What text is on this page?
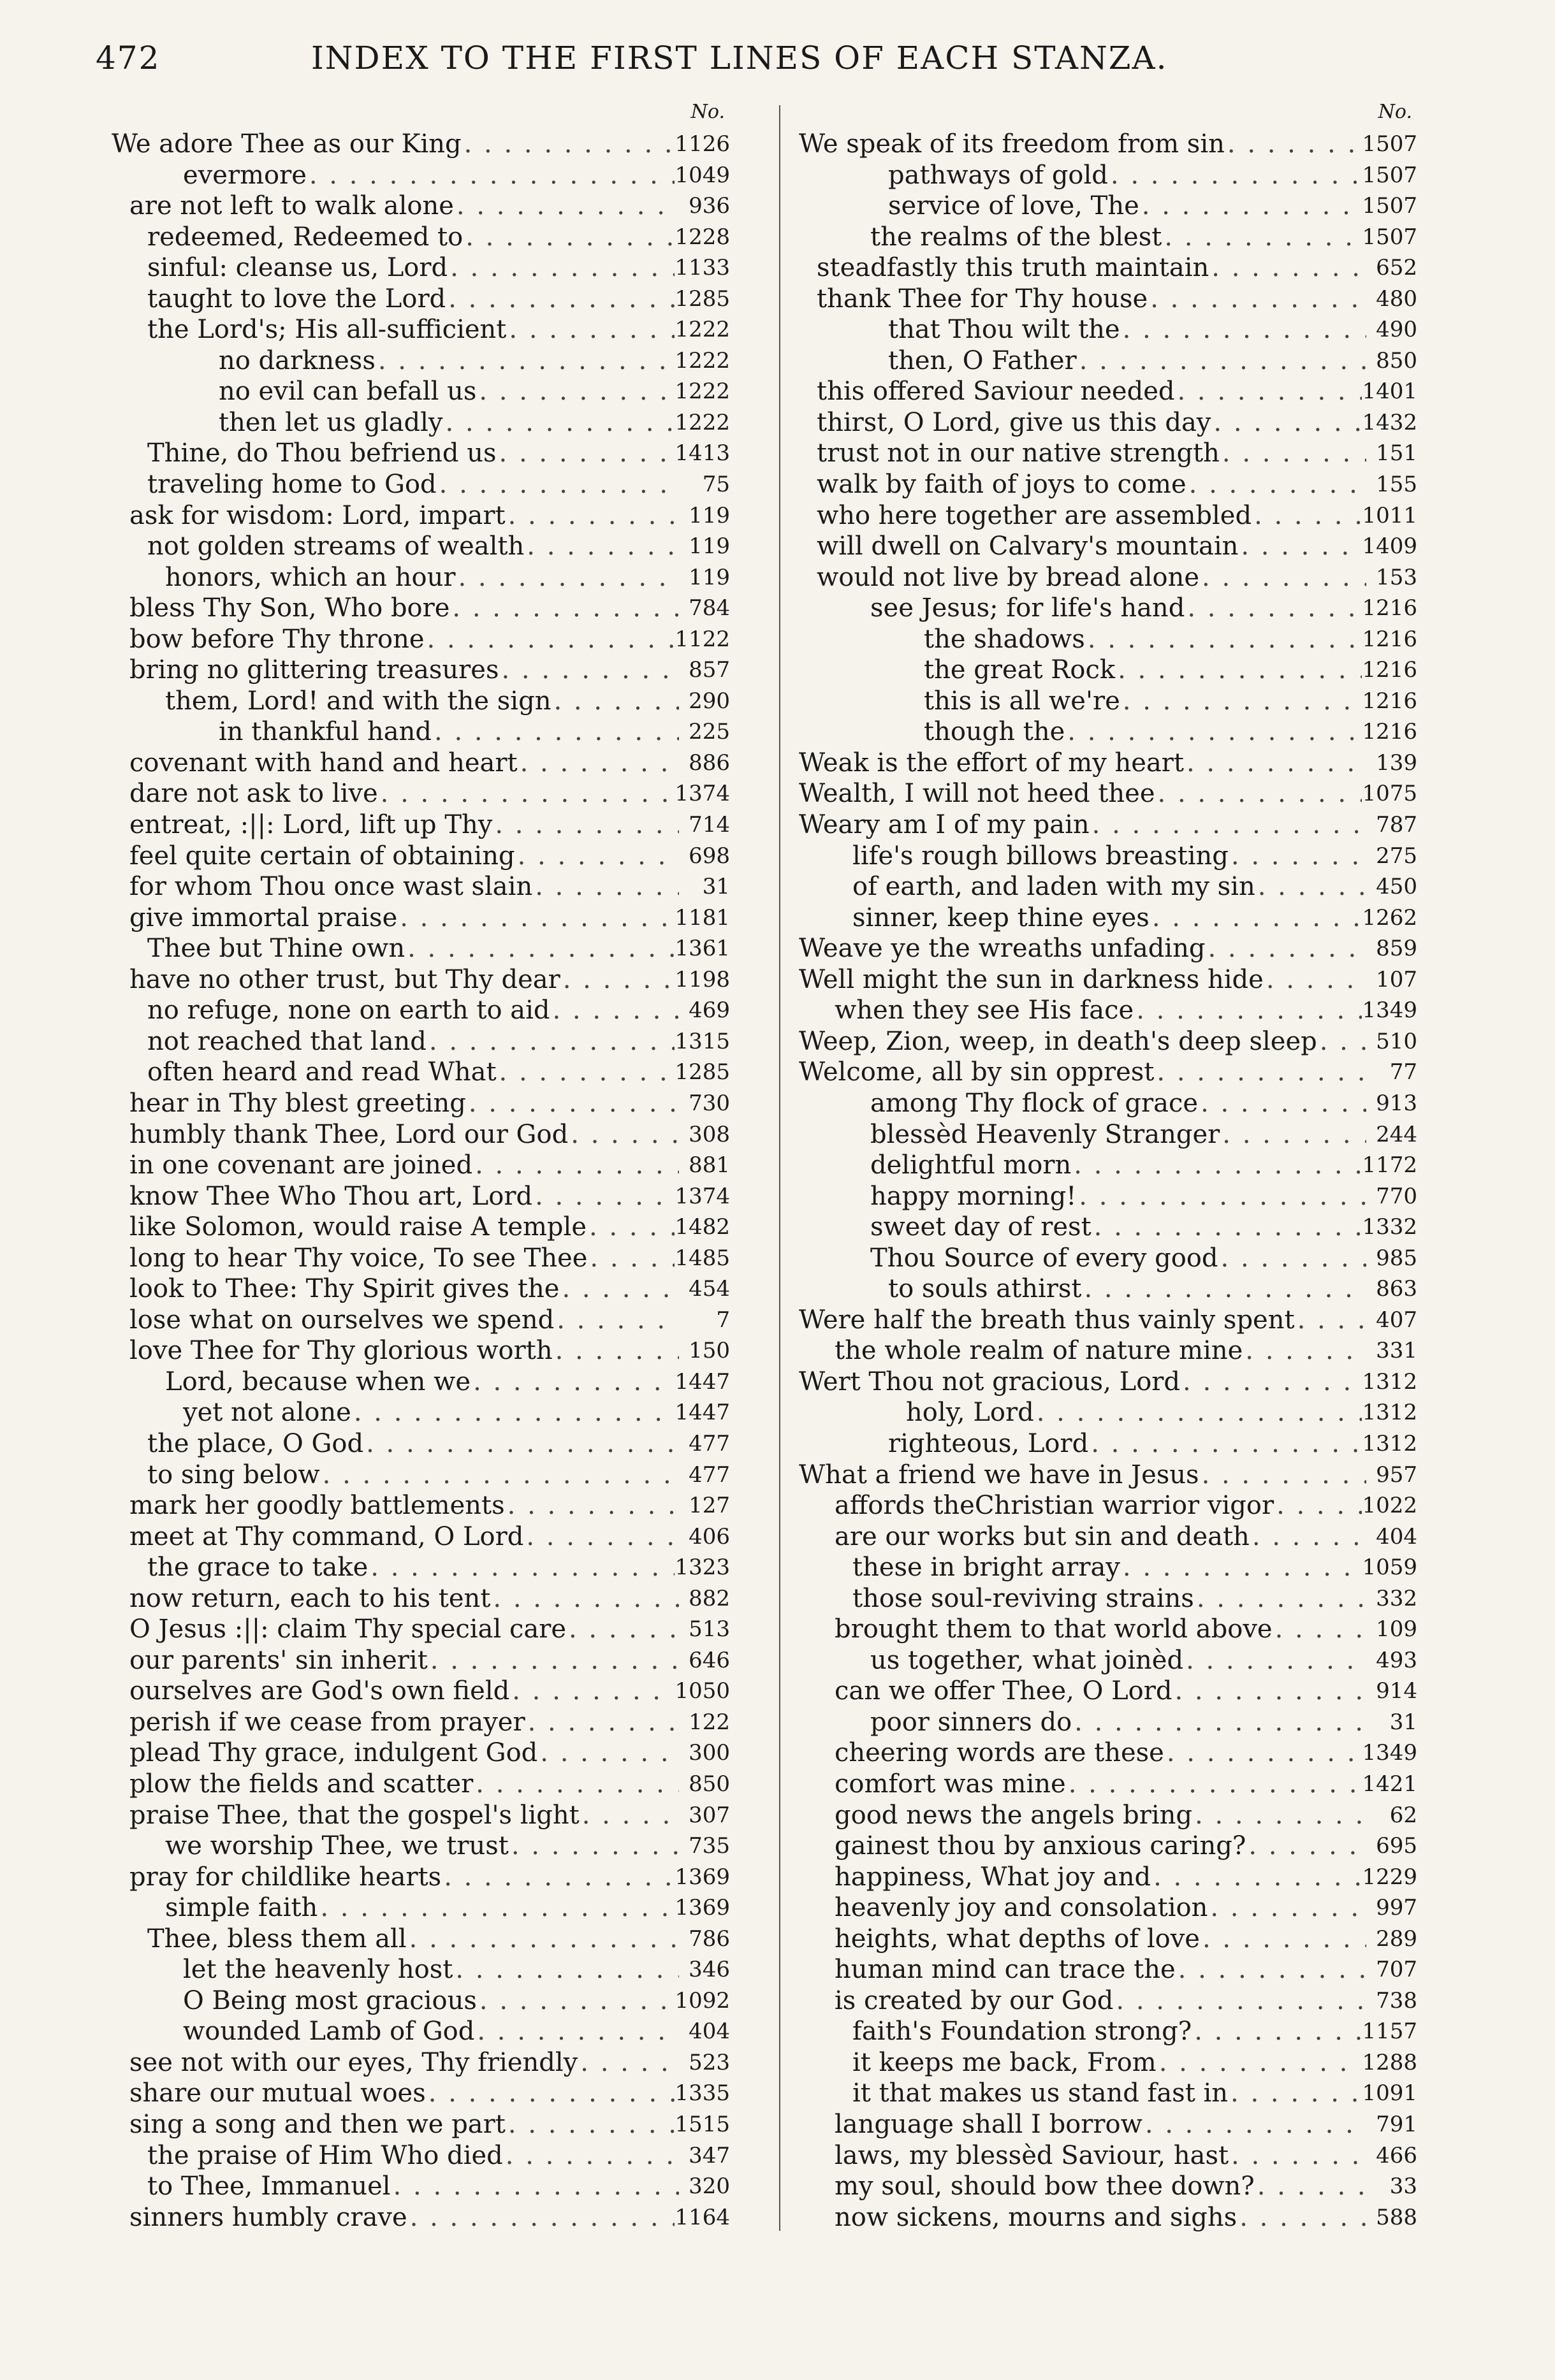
472	INDEX TO THE FIRST LINES OF EACH STANZA.
No.
We adore Thee as our King . . .	1126
evermore . . .	1049
are not left to walk alone . . .	936
redeemed, Redeemed to . . .	1228
sinful: cleanse us, Lord . . .	1133
taught to love the Lord . . .	1285
the Lord's; His all-sufficient . . .	1222
no darkness . . .	1222
no evil can befall us . . .	1222
then let us gladly . . .	1222
Thine, do Thou befriend us . . .	1413
traveling home to God . . .	75
ask for wisdom: Lord, impart . . .	119
not golden streams of wealth . . .	119
honors, which an hour . . .	119
bless Thy Son, Who bore . . .	784
bow before Thy throne . . .	1122
bring no glittering treasures . . .	857
them, Lord! and with the sign . . .	290
in thankful hand . . .	225
covenant with hand and heart . . .	886
dare not ask to live . . .	1374
entreat, :||: Lord, lift up Thy . . .	714
feel quite certain of obtaining . . .	698
for whom Thou once wast slain . . .	31
give immortal praise . . .	1181
Thee but Thine own . . .	1361
have no other trust, but Thy dear . . .	1198
no refuge, none on earth to aid . . .	469
not reached that land . . .	1315
often heard and read What . . .	1285
hear in Thy blest greeting . . .	730
humbly thank Thee, Lord our God . . .	308
in one covenant are joined . . .	881
know Thee Who Thou art, Lord . . .	1374
like Solomon, would raise A temple . . .	1482
long to hear Thy voice, To see Thee . . .	1485
look to Thee: Thy Spirit gives the . . .	454
lose what on ourselves we spend . . .	7
love Thee for Thy glorious worth . . .	150
Lord, because when we . . .	1447
yet not alone . . .	1447
the place, O God . . .	477
to sing below . . .	477
mark her goodly battlements . . .	127
meet at Thy command, O Lord . . .	406
the grace to take . . .	1323
now return, each to his tent . . .	882
O Jesus :||: claim Thy special care . . .	513
our parents' sin inherit . . .	646
ourselves are God's own field . . .	1050
perish if we cease from prayer . . .	122
plead Thy grace, indulgent God . . .	300
plow the fields and scatter . . .	850
praise Thee, that the gospel's light . . .	307
we worship Thee, we trust . . .	735
pray for childlike hearts . . .	1369
simple faith . . .	1369
Thee, bless them all . . .	786
let the heavenly host . . .	346
O Being most gracious . . .	1092
wounded Lamb of God . . .	404
see not with our eyes, Thy friendly . . .	523
share our mutual woes . . .	1335
sing a song and then we part . . .	1515
the praise of Him Who died . . .	347
to Thee, Immanuel . . .	320
sinners humbly crave . . .	1164
No.
We speak of its freedom from sin . . .	1507
pathways of gold . . .	1507
service of love, The . . .	1507
the realms of the blest . . .	1507
steadfastly this truth maintain . . .	652
thank Thee for Thy house . . .	480
that Thou wilt the . . .	490
then, O Father . . .	850
this offered Saviour needed . . .	1401
thirst, O Lord, give us this day . . .	1432
trust not in our native strength . . .	151
walk by faith of joys to come . . .	155
who here together are assembled . . .	1011
will dwell on Calvary's mountain . . .	1409
would not live by bread alone . . .	153
see Jesus; for life's hand . . .	1216
the shadows . . .	1216
the great Rock . . .	1216
this is all we're . . .	1216
though the . . .	1216
Weak is the effort of my heart . . .	139
Wealth, I will not heed thee . . .	1075
Weary am I of my pain . . .	787
life's rough billows breasting . . .	275
of earth, and laden with my sin . . .	450
sinner, keep thine eyes . . .	1262
Weave ye the wreaths unfading . . .	859
Well might the sun in darkness hide . . .	107
when they see His face . . .	1349
Weep, Zion, weep, in death's deep sleep . . .	510
Welcome, all by sin opprest . . .	77
among Thy flock of grace . . .	913
blessèd Heavenly Stranger . . .	244
delightful morn . . .	1172
happy morning! . . .	770
sweet day of rest . . .	1332
Thou Source of every good . . .	985
to souls athirst . . .	863
Were half the breath thus vainly spent . . .	407
the whole realm of nature mine . . .	331
Wert Thou not gracious, Lord . . .	1312
holy, Lord . . .	1312
righteous, Lord . . .	1312
What a friend we have in Jesus . . .	957
affords theChristian warrior vigor . . .	1022
are our works but sin and death . . .	404
these in bright array . . .	1059
those soul-reviving strains . . .	332
brought them to that world above . . .	109
us together, what joinèd . . .	493
can we offer Thee, O Lord . . .	914
poor sinners do . . .	31
cheering words are these . . .	1349
comfort was mine . . .	1421
good news the angels bring . . .	62
gainest thou by anxious caring? . . .	695
happiness, What joy and . . .	1229
heavenly joy and consolation . . .	997
heights, what depths of love . . .	289
human mind can trace the . . .	707
is created by our God . . .	738
faith's Foundation strong? . . .	1157
it keeps me back, From . . .	1288
it that makes us stand fast in . . .	1091
language shall I borrow . . .	791
laws, my blessèd Saviour, hast . . .	466
my soul, should bow thee down? . . .	33
now sickens, mourns and sighs . . .	588
